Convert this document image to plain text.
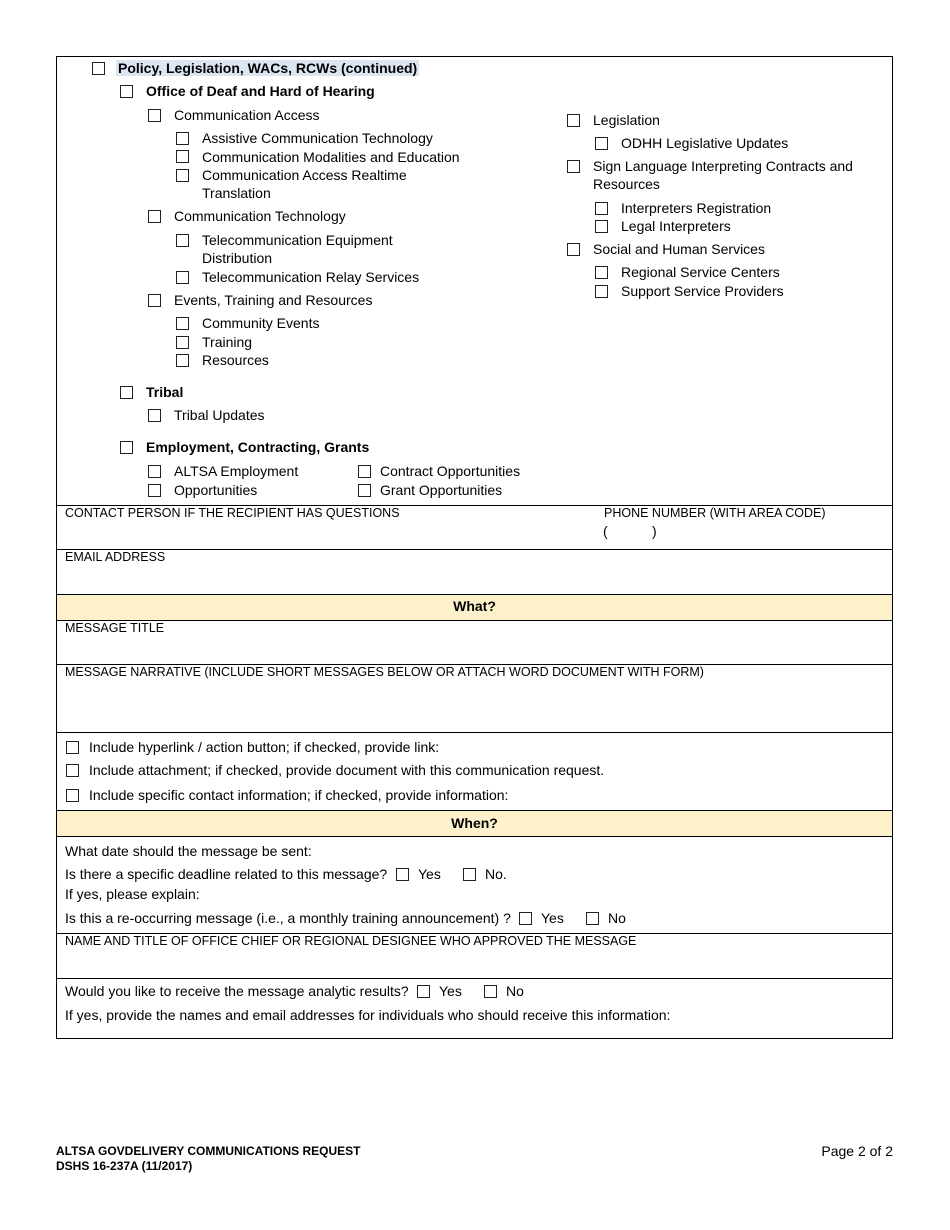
Policy, Legislation, WACs, RCWs (continued)
Office of Deaf and Hard of Hearing
Communication Access
Assistive Communication Technology
Communication Modalities and Education
Communication Access Realtime
Translation
Communication Technology
Telecommunication Equipment
Distribution
Telecommunication Relay Services
Events, Training and Resources
Community Events
Training
Resources
Legislation
ODHH Legislative Updates
Sign Language Interpreting Contracts and
Resources
Interpreters Registration
Legal Interpreters
Social and Human Services
Regional Service Centers
Support Service Providers
Tribal
Tribal Updates
Employment, Contracting, Grants
ALTSA Employment
Opportunities
Contract Opportunities
Grant Opportunities
CONTACT PERSON IF THE RECIPIENT HAS QUESTIONS	PHONE NUMBER (WITH AREA CODE)
(	)
EMAIL ADDRESS
What?
MESSAGE TITLE
MESSAGE NARRATIVE (INCLUDE SHORT MESSAGES BELOW OR ATTACH WORD DOCUMENT WITH FORM)
Include hyperlink / action button; if checked, provide link:
Include attachment; if checked, provide document with this communication request.
Include specific contact information; if checked, provide information:
When?
What date should the message be sent:
Is there a specific deadline related to this message? Yes	No.
If yes, please explain:
Is this a re-occurring message (i.e., a monthly training announcement) ? Yes	No
NAME AND TITLE OF OFFICE CHIEF OR REGIONAL DESIGNEE WHO APPROVED THE MESSAGE
Would you like to receive the message analytic results? Yes	No
If yes, provide the names and email addresses for individuals who should receive this information:
ALTSA GOVDELIVERY COMMUNICATIONS REQUEST
DSHS 16-237A (11/2017)
Page 2 of 2
